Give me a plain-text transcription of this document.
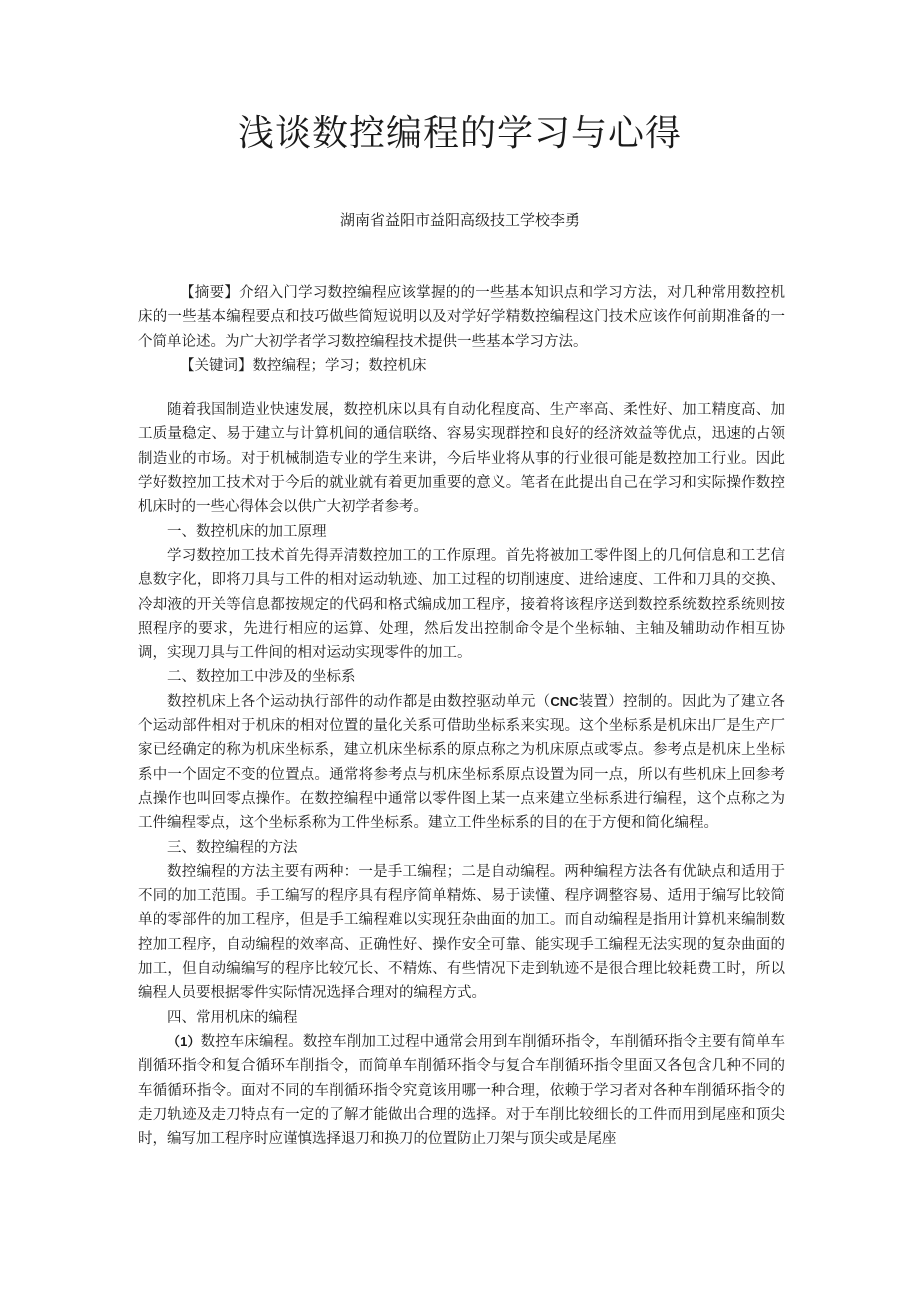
浅谈数控编程的学习与心得
湖南省益阳市益阳高级技工学校李勇

【摘要】介绍入门学习数控编程应该掌握的的一些基本知识点和学习方法，对几种常用数控机床的一些基本编程要点和技巧做些简短说明以及对学好学精数控编程这门技术应该作何前期准备的一个简单论述。为广大初学者学习数控编程技术提供一些基本学习方法。

【关键词】数控编程；学习；数控机床

随着我国制造业快速发展，数控机床以具有自动化程度高、生产率高、柔性好、加工精度高、加工质量稳定、易于建立与计算机间的通信联络、容易实现群控和良好的经济效益等优点，迅速的占领制造业的市场。对于机械制造专业的学生来讲，今后毕业将从事的行业很可能是数控加工行业。因此学好数控加工技术对于今后的就业就有着更加重要的意义。笔者在此提出自己在学习和实际操作数控机床时的一些心得体会以供广大初学者参考。

一、数控机床的加工原理

学习数控加工技术首先得弄清数控加工的工作原理。首先将被加工零件图上的几何信息和工艺信息数字化，即将刀具与工件的相对运动轨迹、加工过程的切削速度、进给速度、工件和刀具的交换、冷却液的开关等信息都按规定的代码和格式编成加工程序，接着将该程序送到数控系统数控系统则按照程序的要求，先进行相应的运算、处理，然后发出控制命令是个坐标轴、主轴及辅助动作相互协调，实现刀具与工件间的相对运动实现零件的加工。

二、数控加工中涉及的坐标系

数控机床上各个运动执行部件的动作都是由数控驱动单元（CNC装置）控制的。因此为了建立各个运动部件相对于机床的相对位置的量化关系可借助坐标系来实现。这个坐标系是机床出厂是生产厂家已经确定的称为机床坐标系，建立机床坐标系的原点称之为机床原点或零点。参考点是机床上坐标系中一个固定不变的位置点。通常将参考点与机床坐标系原点设置为同一点，所以有些机床上回参考点操作也叫回零点操作。在数控编程中通常以零件图上某一点来建立坐标系进行编程，这个点称之为工件编程零点，这个坐标系称为工件坐标系。建立工件坐标系的目的在于方便和简化编程。

三、数控编程的方法

数控编程的方法主要有两种：一是手工编程；二是自动编程。两种编程方法各有优缺点和适用于不同的加工范围。手工编写的程序具有程序简单精炼、易于读懂、程序调整容易、适用于编写比较简单的零部件的加工程序，但是手工编程难以实现狂杂曲面的加工。而自动编程是指用计算机来编制数控加工程序，自动编程的效率高、正确性好、操作安全可靠、能实现手工编程无法实现的复杂曲面的加工，但自动编编写的程序比较冗长、不精炼、有些情况下走到轨迹不是很合理比较耗费工时，所以编程人员要根据零件实际情况选择合理对的编程方式。

四、常用机床的编程

（1）数控车床编程。数控车削加工过程中通常会用到车削循环指令，车削循环指令主要有简单车削循环指令和复合循环车削指令，而简单车削循环指令与复合车削循环指令里面又各包含几种不同的车循循环指令。面对不同的车削循环指令究竟该用哪一种合理，依赖于学习者对各种车削循环指令的走刀轨迹及走刀特点有一定的了解才能做出合理的选择。对于车削比较细长的工件而用到尾座和顶尖时，编写加工程序时应谨慎选择退刀和换刀的位置防止刀架与顶尖或是尾座
